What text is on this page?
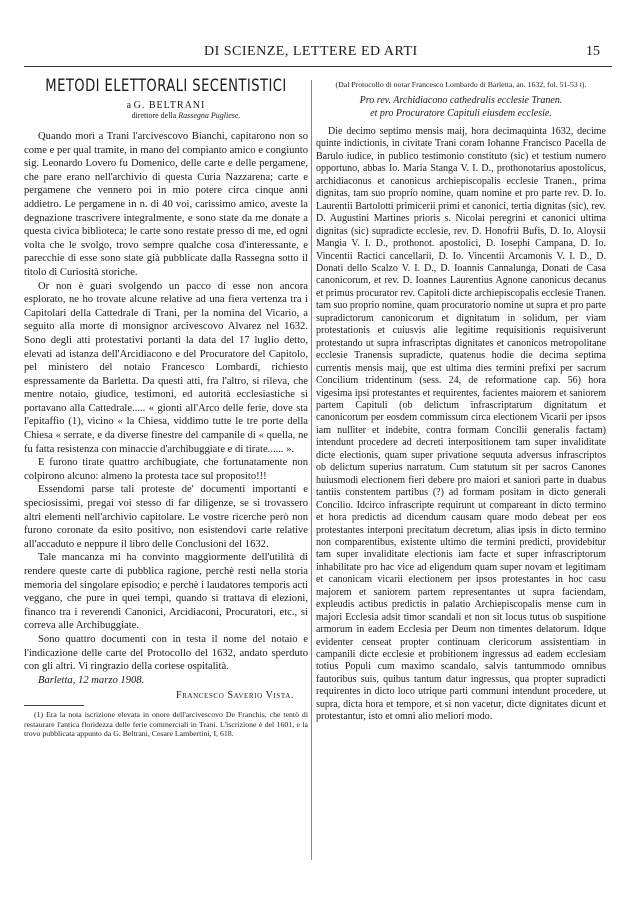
DI SCIENZE, LETTERE ED ARTI	15
METODI ELETTORALI SECENTISTICI

a G. BELTRANI

direttore della Rassegna Pugliese.

Quando morì a Trani l'arcivescovo Bianchi, capitarono non so come e per qual tramite, in mano del compianto amico e congiunto sig. Leonardo Lovero fu Domenico, delle carte e delle pergamene, che pare erano nell'archivio di questa Curia Nazzarena; carte e pergamene che vennero poi in mio potere circa cinque anni addietro. Le pergamene in n. di 40 voi, carissimo amico, aveste la degnazione trascrivere integralmente, e sono state da me donate a questa civica biblioteca; le carte sono restate presso di me, ed ogni volta che le svolgo, trovo sempre qualche cosa d'interessante, e parecchie di esse sono state già pubblicate dalla Rassegna sotto il titolo di Curiosità storiche.

Or non è guari svolgendo un pacco di esse non ancora esplorato, ne ho trovate alcune relative ad una fiera vertenza tra i Capitolari della Cattedrale di Trani, per la nomina del Vicario, a seguito alla morte di monsignor arcivescovo Alvarez nel 1632. Sono degli atti protestativi portanti la data del 17 luglio detto, elevati ad istanza dell'Arcidiacono e del Procuratore del Capitolo, pel ministero del notaio Francesco Lombardi, richiesto espressamente da Barletta. Da questi atti, fra l'altro, si rileva, che mentre notaio, giudice, testimoni, ed autorità ecclesiastiche si portavano alla Cattedrale..... « gionti all'Arco delle ferie, dove sta l'epitaffio (1), vicino « la Chiesa, viddimo tutte le tre porte della Chiesa « serrate, e da diverse finestre del campanile di « quella, ne fu fatta resistenza con minaccie d'archibuggiate e di tirate...... ».

E furono tirate quattro archibugiate, che fortunatamente non colpirono alcuno: almeno la protesta tace sul proposito!!!

Essendomi parse tali proteste de' documenti importanti e speciosissimi, pregai voi stesso di far diligenze, se si trovassero altri elementi nell'archivio capitolare. Le vostre ricerche però non furono coronate da esito positivo, non esistendovi carte relative all'accaduto e neppure il libro delle Conclusioni del 1632.

Tale mancanza mi ha convinto maggiormente dell'utilità di rendere queste carte di pubblica ragione, perchè resti nella storia memoria del singolare episodio; e perchè i laudatores temporis acti veggano, che pure in quei tempi, quando si trattava di elezioni, financo tra i reverendi Canonici, Arcidiaconi, Procuratori, etc., si correva alle Archibuggiate.

Sono quattro documenti con in testa il nome del notaio e l'indicazione delle carte del Protocollo del 1632, andato sperduto con gli altri. Vi ringrazio della cortese ospitalità.

Barletta, 12 marzo 1908.

Francesco Saverio Vista.

(1) Era la nota iscrizione elevata in onore dell'arcivescovo De Franchis, che tentò di restaurare l'antica floridezza delle ferie commerciali in Trani. L'iscrizione è del 1601, e la trovo pubblicata appunto da G. Beltrani, Cesare Lambertini, I, 618.

(Dal Protocollo di notar Francesco Lombardo di Barletta, an. 1632, fol. 51-53 t).

Pro rev. Archidiacono cathedralis ecclesie Tranen.
et pro Procuratore Capituli eiusdem ecclesie.

Die decimo septimo mensis maij, hora decimaquinta 1632, decime quinte indictionis, in civitate Trani coram Iohanne Francisco Pacella de Barulo iudice, in publico testimonio constituto (sic) et testium numero opportuno, abbas Io. Maria Stanga V. I. D., prothonotarius apostolicus, archidiaconus et canonicus archiepiscopalis ecclesie Tranen., prima dignitas, tam suo proprio nomine, quam nomine et pro parte rev. D. Io. Laurentii Bartolotti primicerii primi et canonici, tertia dignitas (sic), rev. D. Augustini Martines prioris s. Nicolai peregrini et canonici ultima dignitas (sic) supradicte ecclesie, rev. D. Honofrii Bufis, D. Io. Aloysii Mangia V. I. D., prothonot. apostolici, D. Iosephi Campana, D. Io. Vincentii Ractici cancellarii, D. Io. Vincentii Arcamonis V. I. D., D. Donati dello Scalzo V. I. D., D. Ioannis Cannalunga, Donati de Casa canonicorum, et rev. D. Ioannes Laurentius Agnone canonicus decanus et primus procurator rev. Capitoli dicte archiepiscopalis ecclesie Tranen. tam suo proprio nomine, quam procuratorio nomine ut supra et pro parte supradictorum canonicorum et dignitatum in solidum, per viam protestationis et cuiusvis alie legitime requisitionis requisiverunt protestando ut supra infrascriptas dignitates et canonicos metropolitane ecclesie Tranensis supradicte, quatenus hodie die decima septima currentis mensis maij, que est ultima dies termini prefixi per sacrum Concilium tridentinum (sess. 24, de reformatione cap. 56) hora vigesima ipsi protestantes et requirentes, facientes maiorem et saniorem partem Capituli (ob delictum infrascriptarum dignitatum et canonicorum per eosdem commissum circa electionem Vicarii per ipsos iam nulliter et indebite, contra formam Concilii generalis factam) intendunt procedere ad decreti interpositionem tam super invaliditate dicte electionis, quam super privatione sequuta adversus infrascriptos ob delictum superius narratum. Cum statutum sit per sacros Canones huiusmodi electionem fieri debere pro maiori et saniori parte in duabus tantiis constentem partibus (?) ad formam positam in dicto generali Concilio. Idcirco infrascripte requirunt ut compareant in dicto termino et hora predictis ad dicendum causam quare modo debeat per eos protestantes interponi precitatum decretum, alias ipsis in dicto termino non comparentibus, existente ultimo die termini predicti, providebitur tam super invaliditate electionis iam facte et super infrascriptorum inhabilitate pro hac vice ad eligendum quam super novam et legitimam et canonicam vicarii electionem per ipsos protestantes in hoc casu majorem et saniorem partem representantes ut supra faciendam, expleudis actibus predictis in palatio Archiepiscopalis mense cum in majori Ecclesia adsit timor scandali et non sit locus tutus ob suspitione armorum in eadem Ecclesia per Deum non timentes delatorum. Idque evidenter censeat propter continuam clericorum assistentiam in campanili dicte ecclesie et probitionem ingressus ad eadem ecclesiam totius Populi cum maximo scandalo, salvis tantummodo omnibus fautoribus suis, quibus tantum datur ingressus, qua propter supradicti requirentes in dicto loco utrique parti communi intendunt procedere, ut supra, dicta hora et tempore, et si non vacetur, dicte dignitates dicunt et protestantur, isto et omni alio meliori modo.
